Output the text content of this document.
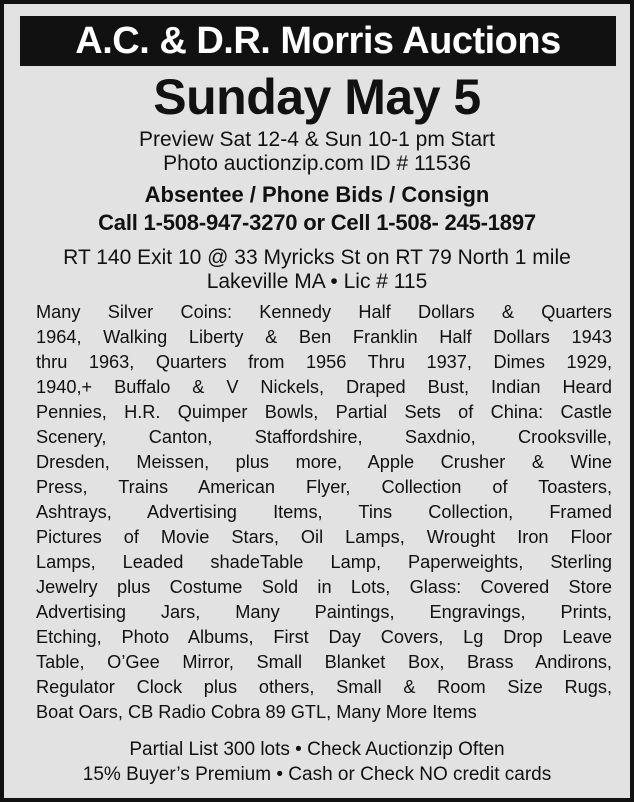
A.C. & D.R. Morris Auctions
Sunday May 5
Preview Sat 12-4 & Sun 10-1 pm Start
Photo auctionzip.com ID # 11536
Absentee / Phone Bids / Consign
Call 1-508-947-3270 or Cell 1-508- 245-1897
RT 140 Exit 10 @ 33 Myricks St on RT 79 North 1 mile
Lakeville MA • Lic # 115

Many Silver Coins: Kennedy Half Dollars & Quarters
1964, Walking Liberty & Ben Franklin Half Dollars 1943
thru 1963, Quarters from 1956 Thru 1937, Dimes 1929,
1940,+ Buffalo & V Nickels, Draped Bust, Indian Heard
Pennies, H.R. Quimper Bowls, Partial Sets of China: Castle
Scenery, Canton, Staffordshire, Saxdnio, Crooksville,
Dresden, Meissen, plus more, Apple Crusher & Wine
Press, Trains American Flyer, Collection of Toasters,
Ashtrays, Advertising Items, Tins Collection, Framed
Pictures of Movie Stars, Oil Lamps, Wrought Iron Floor
Lamps, Leaded shadeTable Lamp, Paperweights, Sterling
Jewelry plus Costume Sold in Lots, Glass: Covered Store
Advertising Jars, Many Paintings, Engravings, Prints,
Etching, Photo Albums, First Day Covers, Lg Drop Leave
Table, O’Gee Mirror, Small Blanket Box, Brass Andirons,
Regulator Clock plus others, Small & Room Size Rugs,
Boat Oars, CB Radio Cobra 89 GTL, Many More Items

Partial List 300 lots • Check Auctionzip Often
15% Buyer’s Premium • Cash or Check NO credit cards
